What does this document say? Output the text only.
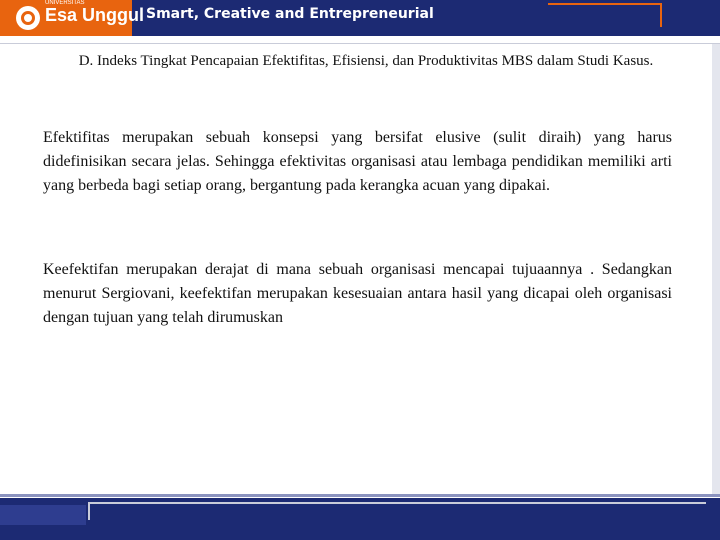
UNIVERSITAS
Esa Unggul Smart, Creative and Entrepreneurial
D. Indeks Tingkat Pencapaian Efektifitas, Efisiensi, dan Produktivitas MBS dalam Studi Kasus.
Efektifitas merupakan sebuah konsepsi yang bersifat elusive (sulit diraih) yang harus didefinisikan secara jelas. Sehingga efektivitas organisasi atau lembaga pendidikan memiliki arti yang berbeda bagi setiap orang, bergantung pada kerangka acuan yang dipakai.
Keefektifan merupakan derajat di mana sebuah organisasi mencapai tujuaannya . Sedangkan menurut Sergiovani, keefektifan merupakan kesesuaian antara hasil yang dicapai oleh organisasi dengan tujuan yang telah dirumuskan
